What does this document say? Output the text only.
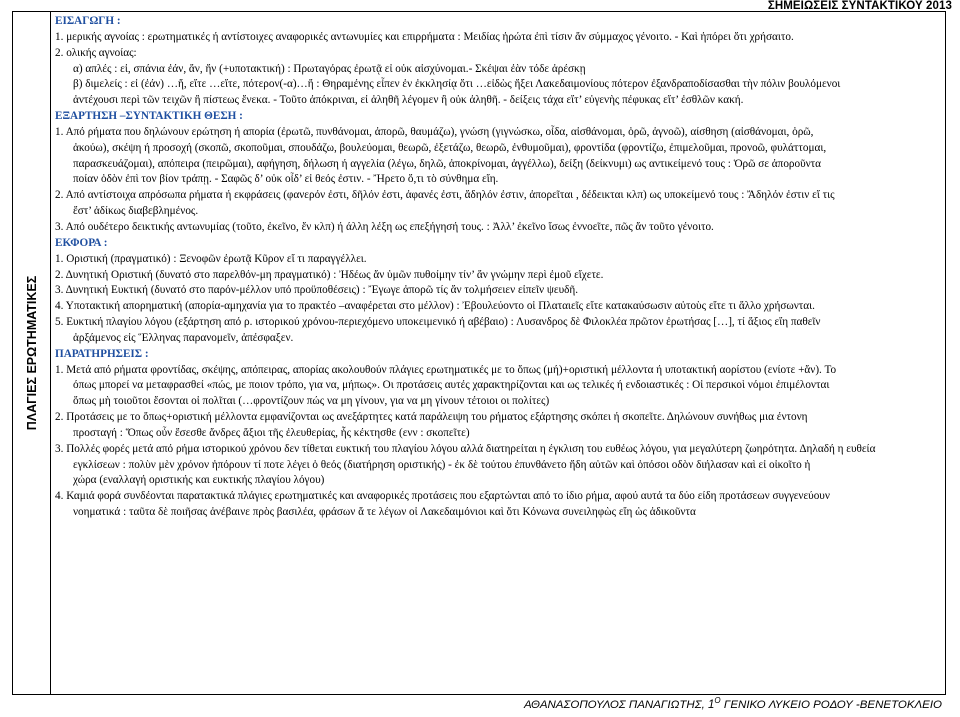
ΣΗΜΕΙΩΣΕΙΣ ΣΥΝΤΑΚΤΙΚΟΥ 2013
ΠΛΑΓΙΕΣ ΕΡΩΤΗΜΑΤΙΚΕΣ
ΕΙΣΑΓΩΓΗ :
1. μερικής αγνοίας : ερωτηματικές ή αντίστοιχες αναφορικές αντωνυμίες και επιρρήματα : Μειδίας ἠρώτα ἐπὶ τίσιν ἄν σύμμαχος γένοιτο. - Καὶ ἠπόρει ὅτι χρήσαιτο.
2. ολικής αγνοίας:
α) απλές : εἰ, σπάνια ἐάν, ἄν, ἤν (+υποτακτική) : Πρωταγόρας ἐρωτᾷ εἰ οὐκ αἰσχύνομαι.- Σκέψαι ἐὰν τόδε ἀρέσκῃ
β) διμελείς : εἰ (ἐάν) …ἤ, εἴτε …εἴτε, πότερον(-α)…ἤ : Θηραμένης εἶπεν ἐν ἐκκλησίᾳ ὅτι …εἰδὼς ἥξει Λακεδαιμονίους πότερον ἐξανδραποδίσασθαι τὴν πόλιν βουλόμενοι
ἀντέχουσι περὶ τῶν τειχῶν ἢ πίστεως ἕνεκα. - Τοῦτο ἀπόκριναι, εἰ ἀληθῆ λέγομεν ἢ οὐκ ἀληθῆ. - δείξεις τάχα εἴτ’ εὐγενὴς πέφυκας εἴτ’ ἐσθλῶν κακή.
ΕΞΑΡΤΗΣΗ –ΣΥΝΤΑΚΤΙΚΗ ΘΕΣΗ :
1. Από ρήματα που δηλώνουν ερώτηση ή απορία (ἐρωτῶ, πυνθάνομαι, ἀπορῶ, θαυμάζω), γνώση (γιγνώσκω, οἶδα, αἰσθάνομαι, ὁρῶ, ἀγνοῶ), αίσθηση (αἰσθάνομαι, ὁρῶ,
ἀκούω), σκέψη ή προσοχή (σκοπῶ, σκοποῦμαι, σπουδάζω, βουλεύομαι, θεωρῶ, ἐξετάζω, θεωρῶ, ἐνθυμοῦμαι), φροντίδα (φροντίζω, ἐπιμελοῦμαι, προνοῶ, φυλάττομαι,
παρασκευάζομαι), απόπειρα (πειρῶμαι), αφήγηση, δήλωση ή αγγελία (λέγω, δηλῶ, ἀποκρίνομαι, ἀγγέλλω), δείξη (δείκνυμι) ως αντικείμενό τους : Ὁρῶ σε ἀποροῦντα
ποίαν ὁδὸν ἐπὶ τον βίον τράπῃ. - Σαφῶς δ’ οὐκ οἶδ’ εἰ θεός ἐστιν. - Ἤρετο ὅ,τι τὸ σύνθημα εἴη.
2. Από αντίστοιχα απρόσωπα ρήματα ή εκφράσεις (φανερόν ἐστι, δῆλόν ἐστι, ἀφανές ἐστι, ἄδηλόν ἐστιν, ἀπορεῖται , δέδεικται κλπ) ως υποκείμενό τους : Ἄδηλόν ἐστιν εἴ τις
ἔστ’ ἀδίκως διαβεβλημένος.
3. Από ουδέτερο δεικτικής αντωνυμίας (τοῦτο, ἐκεῖνο, ἕν κλπ) ή άλλη λέξη ως επεξήγησή τους. : Ἀλλ’ ἐκεῖνο ἴσως ἐννοεῖτε, πῶς ἄν τοῦτο γένοιτο.
ΕΚΦΟΡΑ :
1. Οριστική (πραγματικό) : Ξενοφῶν ἐρωτᾷ Κῦρον εἴ τι παραγγέλλει.
2. Δυνητική Οριστική (δυνατό στο παρελθόν-μη πραγματικό) : Ἠδέως ἄν ὑμῶν πυθοίμην τίν’ ἄν γνώμην περὶ ἐμοῦ εἴχετε.
3. Δυνητική Ευκτική (δυνατό στο παρόν-μέλλον υπό προϋποθέσεις) : Ἔγωγε ἀπορῶ τίς ἄν τολμήσειεν εἰπεῖν ψευδῆ.
4. Υποτακτική απορηματική (απορία-αμηχανία για το πρακτέο –αναφέρεται στο μέλλον) : Ἐβουλεύοντο οἱ Πλαταιεῖς εἴτε κατακαύσωσιν αὐτοὺς εἴτε τι ἄλλο χρήσωνται.
5. Ευκτική πλαγίου λόγου (εξάρτηση από ρ. ιστορικού χρόνου-περιεχόμενο υποκειμενικό ή αβέβαιο) : Λυσανδρος δὲ Φιλοκλέα πρῶτον ἐρωτήσας […], τί ἄξιος εἴη παθεῖν
ἀρξάμενος εἰς Ἕλληνας παρανομεῖν, ἀπέσφαξεν.
ΠΑΡΑΤΗΡΗΣΕΙΣ :
1. Μετά από ρήματα φροντίδας, σκέψης, απόπειρας, απορίας ακολουθούν πλάγιες ερωτηματικές με το ὅπως (μή)+οριστική μέλλοντα ή υποτακτική αορίστου (ενίοτε +ἄν). Το
όπως μπορεί να μεταφρασθεί «πώς, με ποιον τρόπο, για να, μήπως». Οι προτάσεις αυτές χαρακτηρίζονται και ως τελικές ή ενδοιαστικές : Οἱ περσικοὶ νόμοι ἐπιμέλονται
ὅπως μὴ τοιοῦτοι ἔσονται οἱ πολῖται (…φροντίζουν πώς να μη γίνουν, για να μη γίνουν τέτοιοι οι πολίτες)
2. Προτάσεις με το ὅπως+οριστική μέλλοντα εμφανίζονται ως ανεξάρτητες κατά παράλειψη του ρήματος εξάρτησης σκόπει ή σκοπεῖτε. Δηλώνουν συνήθως μια έντονη
προσταγή : Ὅπως οὖν ἔσεσθε ἄνδρες ἄξιοι τῆς ἐλευθερίας, ἧς κέκτησθε (ενν : σκοπεῖτε)
3. Πολλές φορές μετά από ρήμα ιστορικού χρόνου δεν τίθεται ευκτική του πλαγίου λόγου αλλά διατηρείται η έγκλιση του ευθέως λόγου, για μεγαλύτερη ζωηρότητα. Δηλαδή η ευθεία
εγκλίσεων : πολὺν μὲν χρόνον ἠπόρουν τί ποτε λέγει ὁ θεός (διατήρηση οριστικής) - ἐκ δὲ τούτου ἐπυνθάνετο ἤδη αὐτῶν καὶ ὁπόσοι οδὸν διήλασαν καὶ εἰ οἰκοῖτο ἡ
χώρα (εναλλαγή οριστικής και ευκτικής πλαγίου λόγου)
4. Καμιά φορά συνδέονται παρατακτικά πλάγιες ερωτηματικές και αναφορικές προτάσεις που εξαρτώνται από το ίδιο ρήμα, αφού αυτά τα δύο είδη προτάσεων συγγενεύουν
νοηματικά : ταῦτα δὲ ποιῆσας ἀνέβαινε πρὸς βασιλέα, φράσων ἅ τε λέγων οἱ Λακεδαιμόνιοι καὶ ὅτι Κόνωνα συνειληφὼς εἴη ὡς ἀδικοῦντα
ΑΘΑΝΑΣΟΠΟΥΛΟΣ ΠΑΝΑΓΙΩΤΗΣ, $1^O$ ΓΕΝΙΚΟ ΛΥΚΕΙΟ ΡΟΔΟΥ -ΒΕΝΕΤΟΚΛΕΙΟ
